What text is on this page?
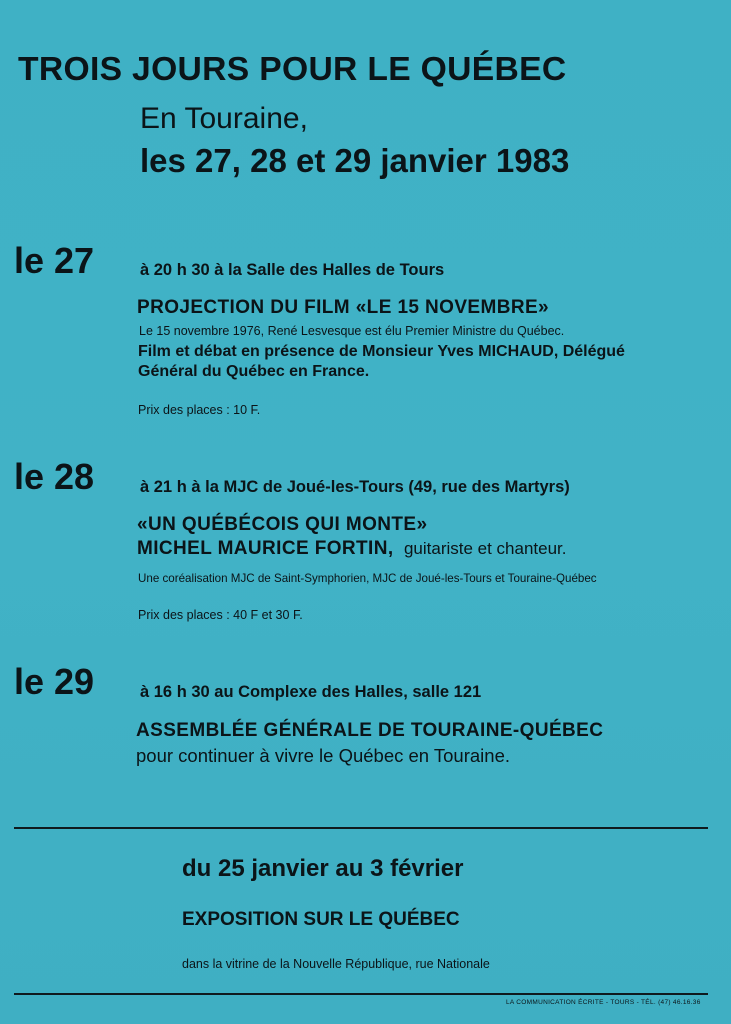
TROIS JOURS POUR LE QUÉBEC
En Touraine,
les 27, 28 et 29 janvier 1983
le 27	à 20 h 30 à la Salle des Halles de Tours
PROJECTION DU FILM «LE 15 NOVEMBRE»
Le 15 novembre 1976, René Lesvesque est élu Premier Ministre du Québec.
Film et débat en présence de Monsieur Yves MICHAUD, Délégué
Général du Québec en France.
Prix des places : 10 F.
le 28	à 21 h à la MJC de Joué-les-Tours (49, rue des Martyrs)
«UN QUÉBÉCOIS QUI MONTE»
MICHEL MAURICE FORTIN, guitariste et chanteur.
Une coréalisation MJC de Saint-Symphorien, MJC de Joué-les-Tours et Touraine-Québec
Prix des places : 40 F et 30 F.
le 29	à 16 h 30 au Complexe des Halles, salle 121
ASSEMBLÉE GÉNÉRALE DE TOURAINE-QUÉBEC
pour continuer à vivre le Québec en Touraine.
du 25 janvier au 3 février
EXPOSITION SUR LE QUÉBEC
dans la vitrine de la Nouvelle République, rue Nationale
LA COMMUNICATION ÉCRITE - TOURS - TÉL. (47) 46.16.36
